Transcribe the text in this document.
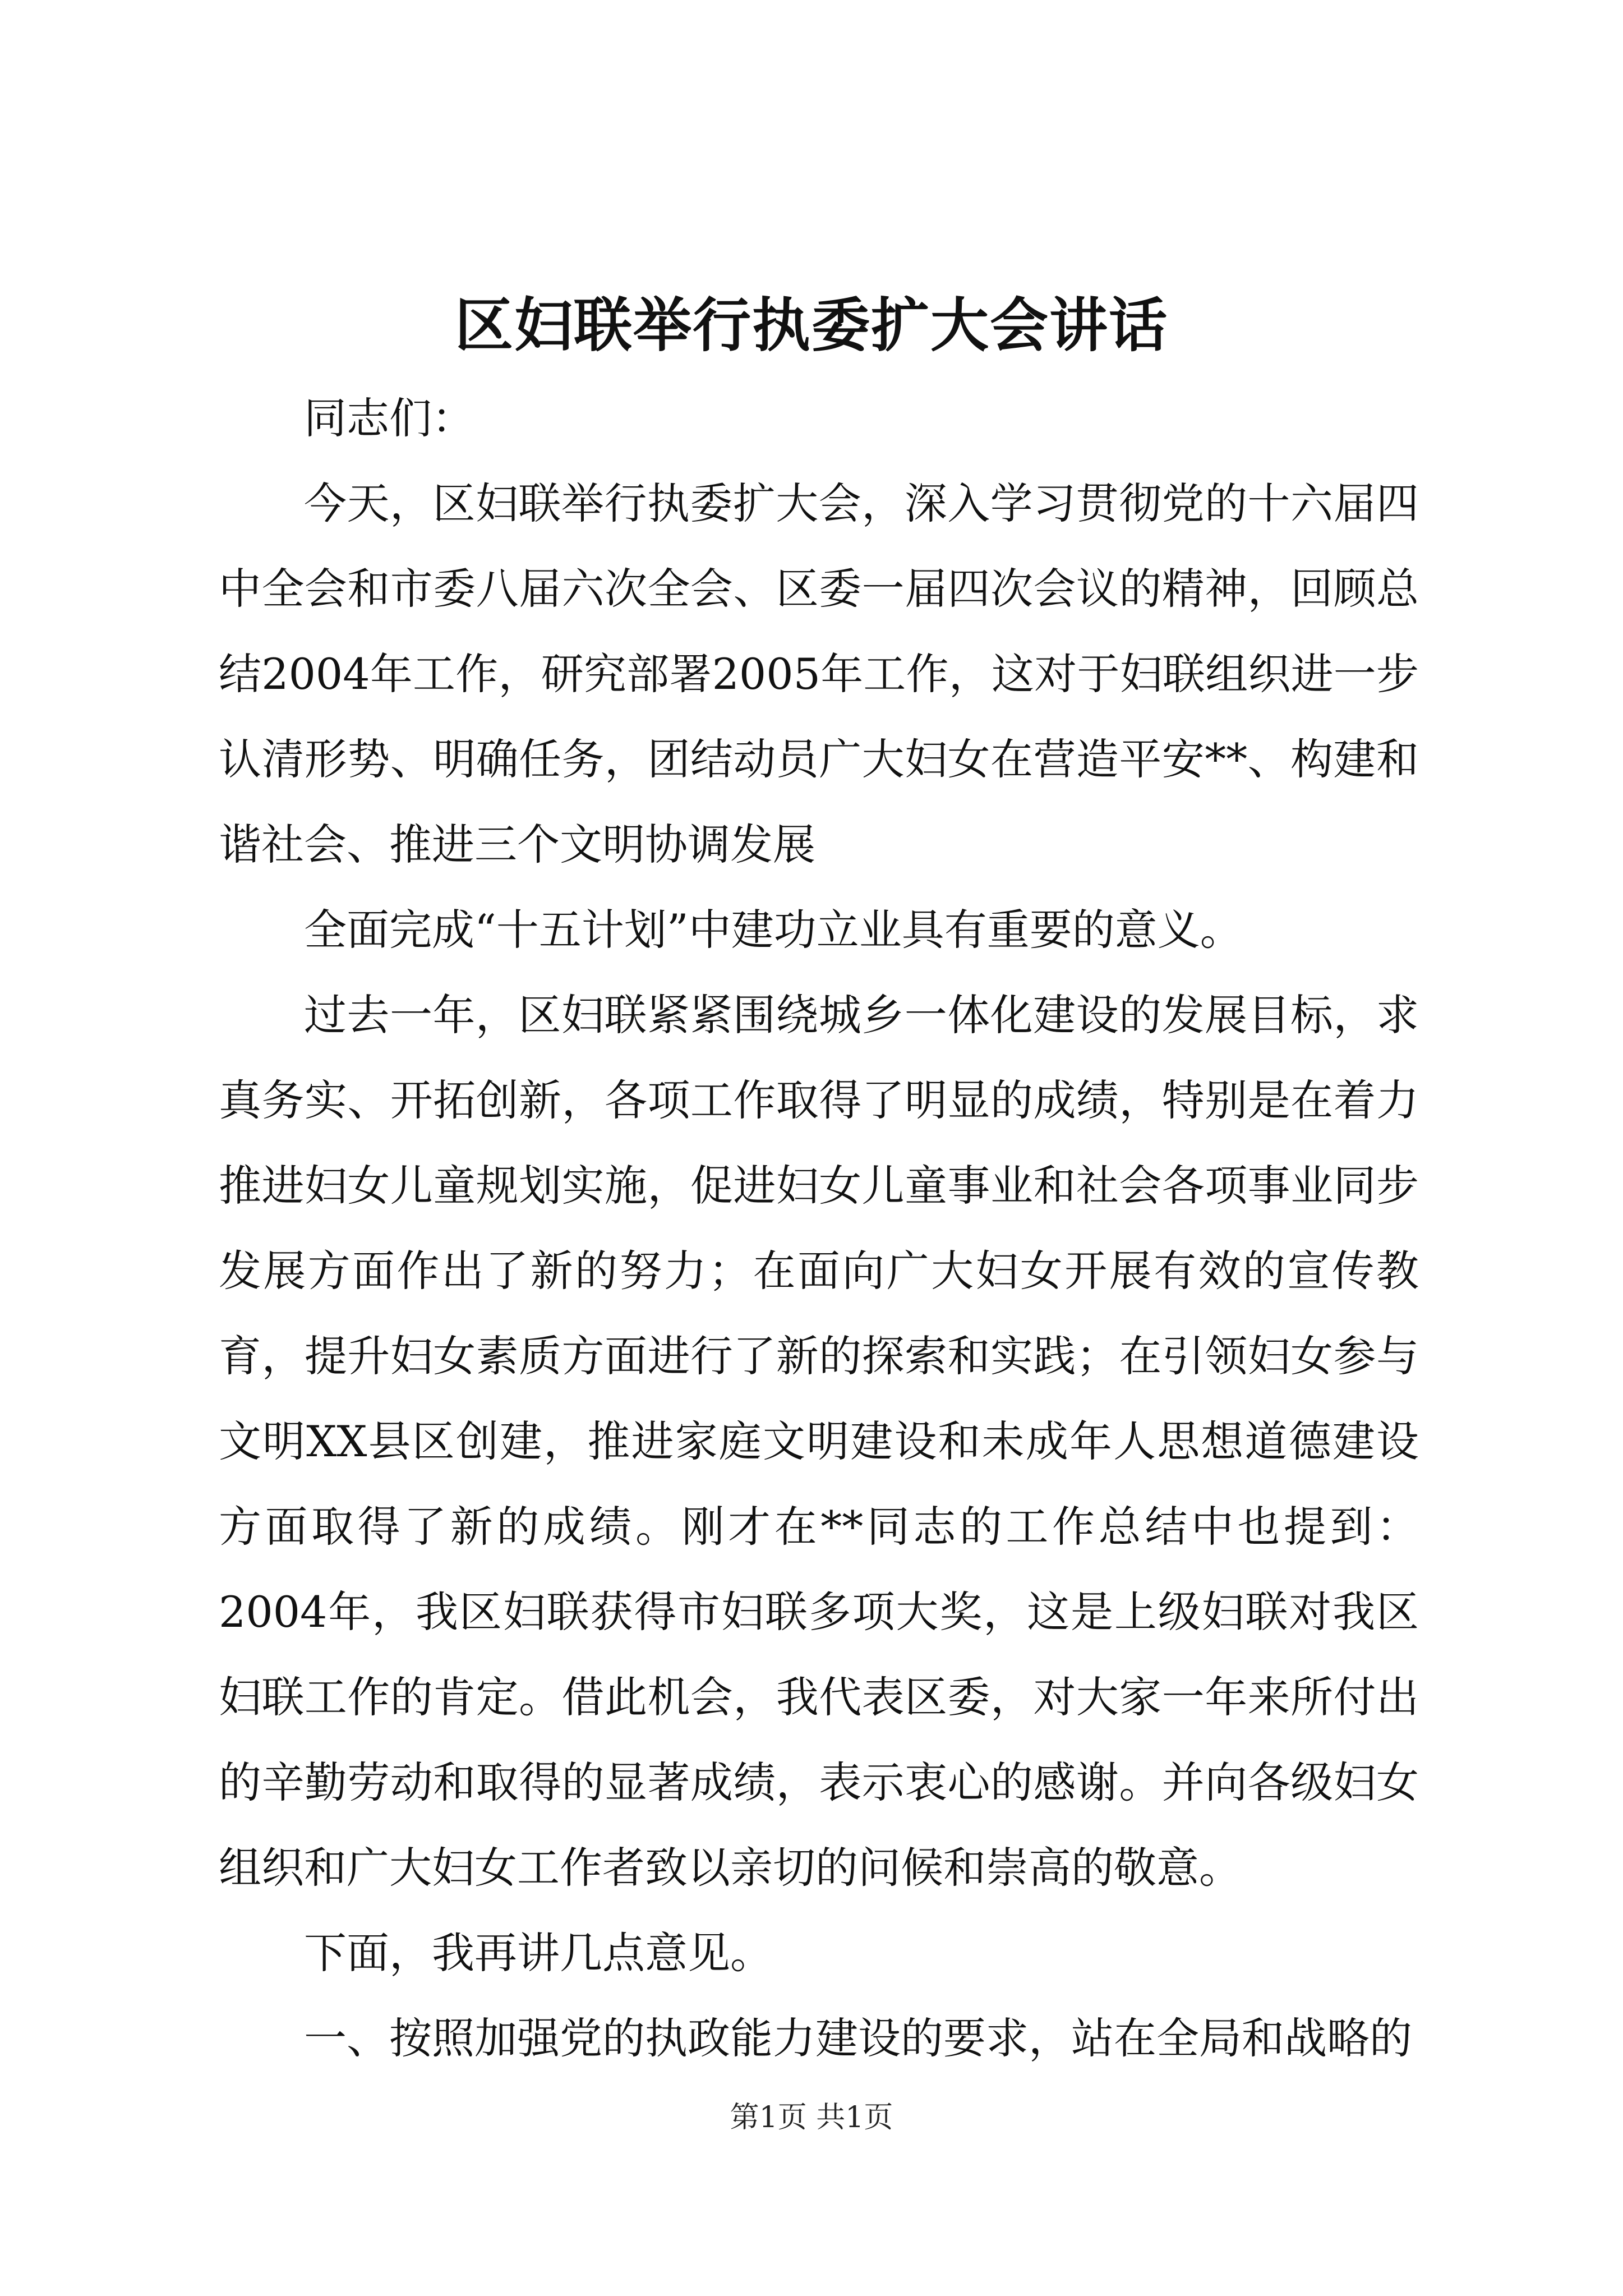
区妇联举行执委扩大会讲话

同志们：

今天，区妇联举行执委扩大会，深入学习贯彻党的十六届四中全会和市委八届六次全会、区委一届四次会议的精神，回顾总结2004年工作，研究部署2005年工作，这对于妇联组织进一步认清形势、明确任务，团结动员广大妇女在营造平安**、构建和谐社会、推进三个文明协调发展

全面完成“十五计划”中建功立业具有重要的意义。

过去一年，区妇联紧紧围绕城乡一体化建设的发展目标，求真务实、开拓创新，各项工作取得了明显的成绩，特别是在着力推进妇女儿童规划实施，促进妇女儿童事业和社会各项事业同步发展方面作出了新的努力；在面向广大妇女开展有效的宣传教育，提升妇女素质方面进行了新的探索和实践；在引领妇女参与文明XX县区创建，推进家庭文明建设和未成年人思想道德建设方面取得了新的成绩。刚才在**同志的工作总结中也提到：2004年，我区妇联获得市妇联多项大奖，这是上级妇联对我区妇联工作的肯定。借此机会，我代表区委，对大家一年来所付出的辛勤劳动和取得的显著成绩，表示衷心的感谢。并向各级妇女组织和广大妇女工作者致以亲切的问候和崇高的敬意。

下面，我再讲几点意见。

一、按照加强党的执政能力建设的要求，站在全局和战略的

第1页 共1页
